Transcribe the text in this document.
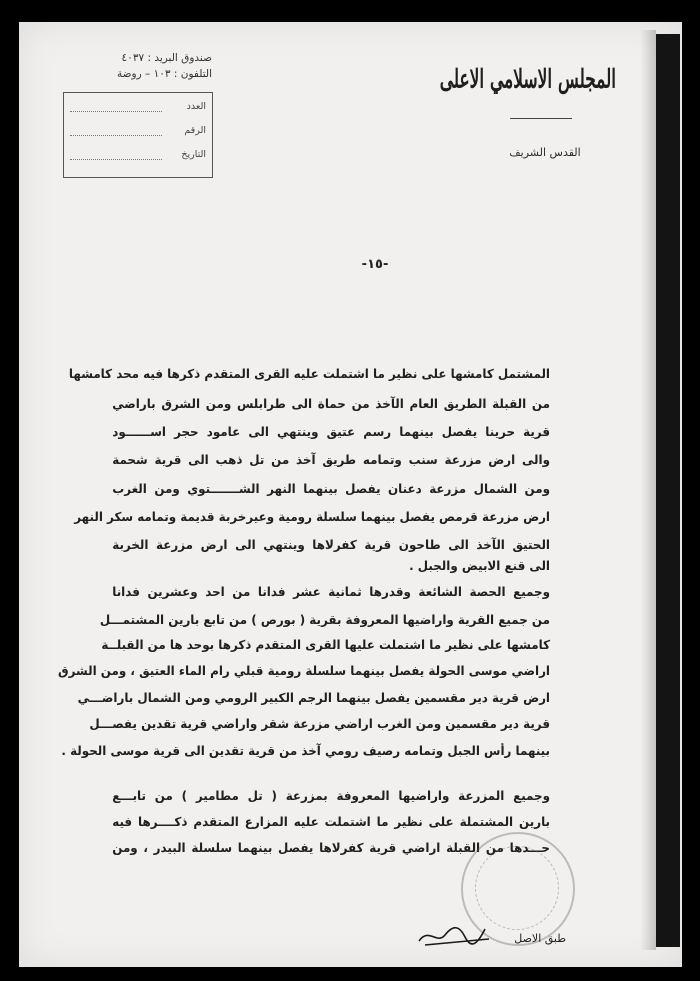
المجلس الاسلامي الاعلى
القدس الشريف
صندوق البريد : ٤٠٣٧
التلفون : ١٠٣ – روضة
العدد
الرقم
التاريخ
-١٥-
المشتمل كامشها على نظير ما اشتملت عليه القرى المتقدم ذكرها فيه محد كامشها
من القبلة الطريق العام الآخذ من حماة الى طرابلس ومن الشرق باراضي
قرية حرينا يفصل بينهما رسم عتيق وينتهي الى عامود حجر اســــــود
والى ارض مزرعة سنب وتمامه طريق آخذ من تل ذهب الى قرية شحمة
ومن الشمال مزرعة دعنان يفصل بينهما النهر الشـــــــتوي ومن الغرب
ارض مزرعة قرمص يفصل بينهما سلسلة رومية وعيرخربة قديمة وتمامه سكر النهر
الحتيق الآخذ الى طاحون قرية كفرلاها وينتهي الى ارض مزرعة الخربة
الى قنع الابيض والجبل .
وجميع الحصة الشائعة وقدرها ثمانية عشر فدانا من احد وعشرين فدانا
من جميع القرية واراضيها المعروفة بقرية ( بورص ) من تابع بارين المشتمـــل
كامشها على نظير ما اشتملت عليها القرى المتقدم ذكرها بوحد ها من القبلــة
اراضي موسى الحولة يفصل بينهما سلسلة رومية قبلي رام الماء العتيق ، ومن الشرق
ارض قرية دير مقسمين يفصل بينهما الرجم الكبير الرومي ومن الشمال باراضـــي
قرية دير مقسمين ومن الغرب اراضي مزرعة شقر واراضي قرية تقدين يفصـــل
بينهما رأس الجبل وتمامه رصيف رومي آخذ من قرية تقدين الى قرية موسى الحولة .
وجميع المزرعة واراضيها المعروفة بمزرعة ( تل مطامير ) من تابـــع
بارين المشتملة على نظير ما اشتملت عليه المزارع المتقدم ذكــــرها فيه
حـــدها من القبلة اراضي قرية كفرلاها يفصل بينهما سلسلة البيدر ، ومن
طبق الاصل
